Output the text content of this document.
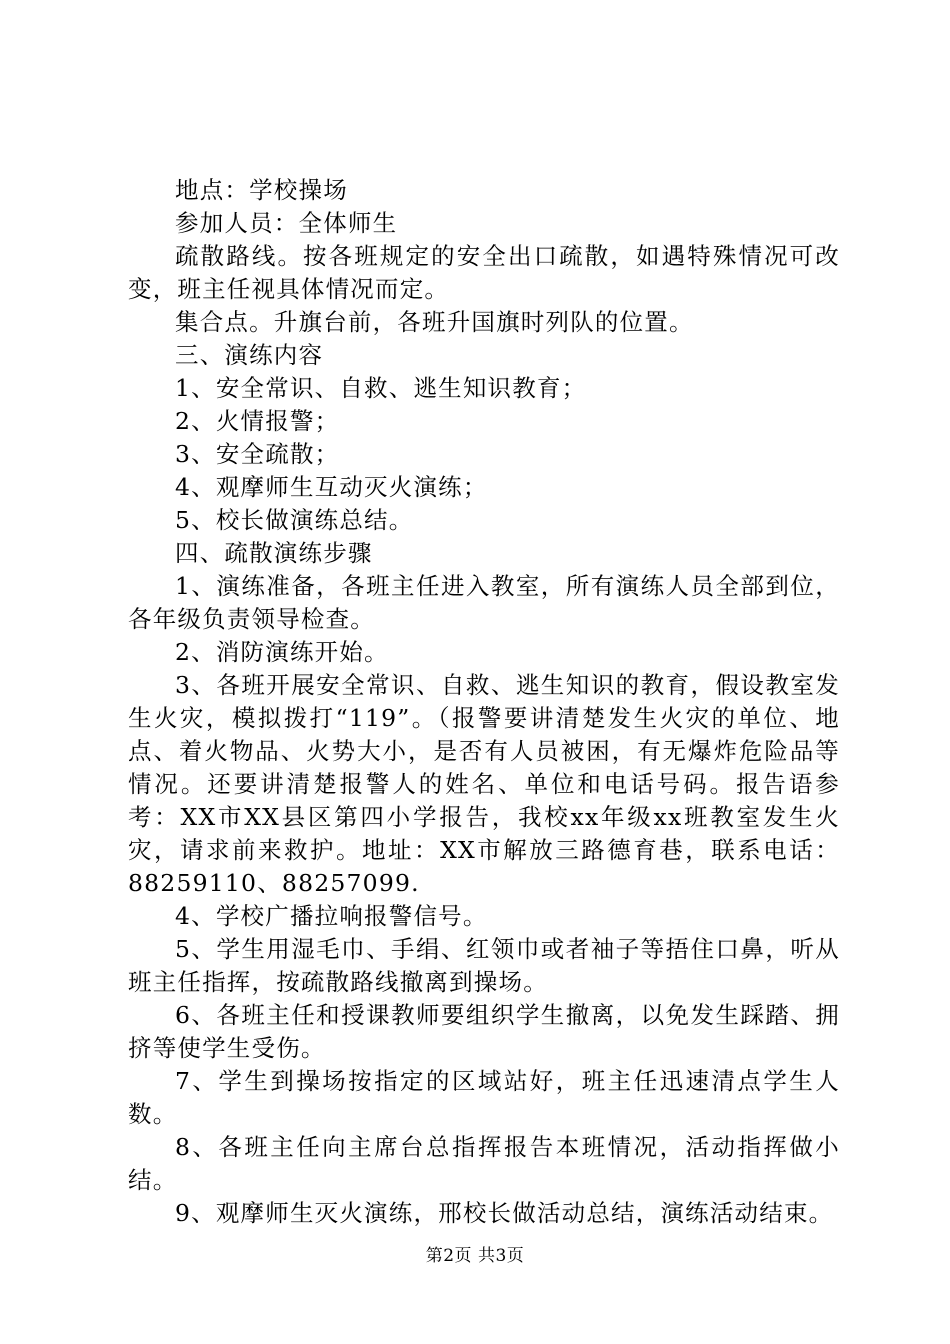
地点：学校操场

参加人员：全体师生

疏散路线。按各班规定的安全出口疏散，如遇特殊情况可改变，班主任视具体情况而定。

集合点。升旗台前，各班升国旗时列队的位置。

三、演练内容

1、安全常识、自救、逃生知识教育；

2、火情报警；

3、安全疏散；

4、观摩师生互动灭火演练；

5、校长做演练总结。

四、疏散演练步骤

1、演练准备，各班主任进入教室，所有演练人员全部到位，各年级负责领导检查。

2、消防演练开始。

3、各班开展安全常识、自救、逃生知识的教育，假设教室发生火灾，模拟拨打“119”。（报警要讲清楚发生火灾的单位、地点、着火物品、火势大小，是否有人员被困，有无爆炸危险品等情况。还要讲清楚报警人的姓名、单位和电话号码。报告语参考：XX市XX县区第四小学报告，我校xx年级xx班教室发生火灾，请求前来救护。地址：XX市解放三路德育巷，联系电话：88259110、88257099.

4、学校广播拉响报警信号。

5、学生用湿毛巾、手绢、红领巾或者袖子等捂住口鼻，听从班主任指挥，按疏散路线撤离到操场。

6、各班主任和授课教师要组织学生撤离，以免发生踩踏、拥挤等使学生受伤。

7、学生到操场按指定的区域站好，班主任迅速清点学生人数。

8、各班主任向主席台总指挥报告本班情况，活动指挥做小结。

9、观摩师生灭火演练，邢校长做活动总结，演练活动结束。

第2页 共3页
